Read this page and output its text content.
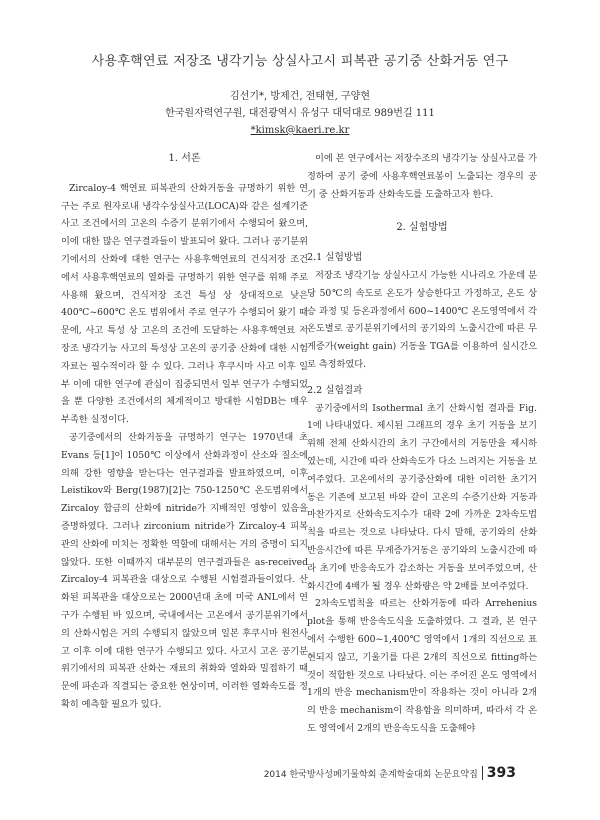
사용후핵연료 저장조 냉각기능 상실사고시 피복관 공기중 산화거동 연구
김선기*, 방제건, 전태현, 구양현
한국원자력연구원, 대전광역시 유성구 대덕대로 989번길 111
*kimsk@kaeri.re.kr
1. 서론

Zircaloy-4 핵연료 피복관의 산화거동을 규명하기 위한 연구는 주로 원자로내 냉각수상실사고(LOCA)와 같은 설계기준사고 조건에서의 고온의 수증기 분위기에서 수행되어 왔으며, 이에 대한 많은 연구결과들이 발표되어 왔다. 그러나 공기분위기에서의 산화에 대한 연구는 사용후핵연료의 건식저장 조건에서 사용후핵연료의 열화를 규명하기 위한 연구를 위해 주로 사용해 왔으며, 건식저장 조건 특성 상 상대적으로 낮은 400℃~600℃ 온도 범위에서 주로 연구가 수행되어 왔기 때문에, 사고 특성 상 고온의 조건에 도달하는 사용후핵연료 저장조 냉각기능 사고의 특성상 고온의 공기중 산화에 대한 시험자료는 필수적이라 할 수 있다. 그러나 후쿠시마 사고 이후 일부 이에 대한 연구에 관심이 집중되면서 일부 연구가 수행되었을 뿐 다양한 조건에서의 체계적이고 방대한 시험DB는 매우 부족한 실정이다.

공기중에서의 산화거동을 규명하기 연구는 1970년대 초 Evans 등[1]이 1050℃ 이상에서 산화과정이 산소와 질소에 의해 강한 영향을 받는다는 연구결과를 발표하였으며, 이후 Leistikov와 Berg(1987)[2]는 750-1250℃ 온도범위에서 Zircaloy 합금의 산화에 nitride가 지배적인 영향이 있음을 증명하였다. 그러나 zirconium nitride가 Zircaloy-4 피복관의 산화에 미치는 정확한 역할에 대해서는 거의 증명이 되지 않았다. 또한 이때까지 대부분의 연구결과들은 as-received Zircaloy-4 피복관을 대상으로 수행된 시험결과들이었다. 산화된 피복관을 대상으로는 2000년대 초에 미국 ANL에서 연구가 수행된 바 있으며, 국내에서는 고온에서 공기분위기에서의 산화시험은 거의 수행되지 않았으며 일본 후쿠시마 원전사고 이후 이에 대한 연구가 수행되고 있다. 사고시 고온 공기분위기에서의 피복관 산화는 재료의 취화와 열화와 밀접하기 때문에 파손과 직결되는 중요한 현상이며, 이러한 열화속도를 정확히 예측할 필요가 있다.

이에 본 연구에서는 저장수조의 냉각기능 상실사고를 가정하여 공기 중에 사용후핵연료봉이 노출되는 경우의 공기 중 산화거동과 산화속도를 도출하고자 한다.

2. 실험방법
2.1 실험방법

저장조 냉각기능 상실사고시 가능한 시나리오 가운데 분당 50℃의 속도로 온도가 상승한다고 가정하고, 온도 상승 과정 및 등온과정에서 600~1400℃ 온도영역에서 각 온도별로 공기분위기에서의 공기와의 노출시간에 따른 무게증가(weight gain) 거동을 TGA를 이용하여 실시간으로 측정하였다.

2.2 실험결과

공기중에서의 Isothermal 초기 산화시험 결과를 Fig. 1에 나타내었다. 제시된 그래프의 경우 초기 거동을 보기 위해 전체 산화시간의 초기 구간에서의 거동만을 제시하였는데, 시간에 따라 산화속도가 다소 느려지는 거동을 보여주었다. 고온에서의 공기중산화에 대한 이러한 초기거동은 기존에 보고된 바와 같이 고온의 수증기산화 거동과 마찬가지로 산화속도지수가 대략 2에 가까운 2차속도법칙을 따르는 것으로 나타났다. 다시 말해, 공기와의 산화반응시간에 따른 무게증가거동은 공기와의 노출시간에 따라 초기에 반응속도가 감소하는 거동을 보여주었으며, 산화시간에 4배가 될 경우 산화량은 약 2배를 보여주었다.

2차속도법칙을 따르는 산화거동에 따라 Arrehenius plot을 통해 반응속도식을 도출하였다. 그 결과, 본 연구에서 수행한 600~1,400℃ 영역에서 1개의 직선으로 표현되지 않고, 기울기를 다른 2개의 직선으로 fitting하는 것이 적합한 것으로 나타났다. 이는 주어진 온도 영역에서 1개의 반응 mechanism만이 작용하는 것이 아니라 2개의 반응 mechanism이 작용함을 의미하며, 따라서 각 온도 영역에서 2개의 반응속도식을 도출해야

2014 한국방사성폐기물학회 춘계학술대회 논문요약집 393
